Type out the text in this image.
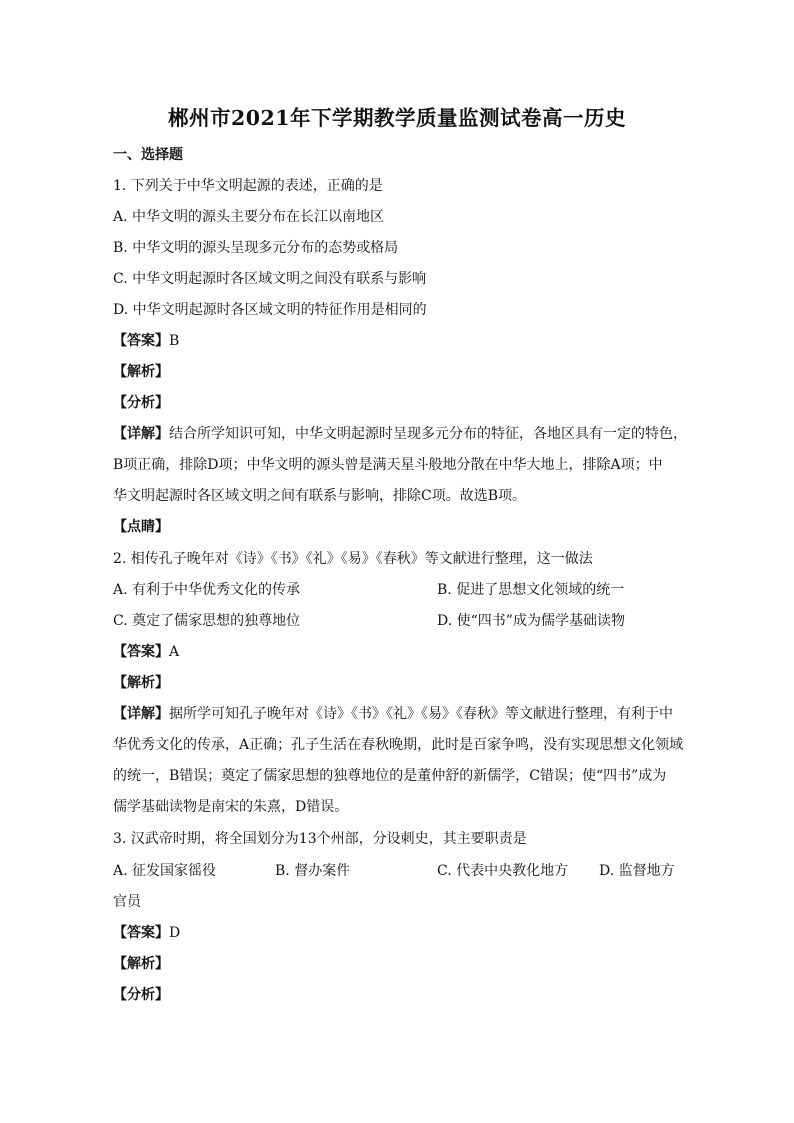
郴州市2021年下学期教学质量监测试卷高一历史
一、选择题
1. 下列关于中华文明起源的表述，正确的是
A. 中华文明的源头主要分布在长江以南地区
B. 中华文明的源头呈现多元分布的态势或格局
C. 中华文明起源时各区域文明之间没有联系与影响
D. 中华文明起源时各区域文明的特征作用是相同的
【答案】B
【解析】
【分析】
【详解】结合所学知识可知，中华文明起源时呈现多元分布的特征，各地区具有一定的特色，
B项正确，排除D项；中华文明的源头曾是满天星斗般地分散在中华大地上，排除A项；中
华文明起源时各区域文明之间有联系与影响，排除C项。故选B项。
【点睛】
2. 相传孔子晚年对《诗》《书》《礼》《易》《春秋》等文献进行整理，这一做法
A. 有利于中华优秀文化的传承	B. 促进了思想文化领域的统一
C. 奠定了儒家思想的独尊地位	D. 使“四书”成为儒学基础读物
【答案】A
【解析】
【详解】据所学可知孔子晚年对《诗》《书》《礼》《易》《春秋》等文献进行整理，有利于中
华优秀文化的传承，A正确；孔子生活在春秋晚期，此时是百家争鸣，没有实现思想文化领域
的统一，B错误；奠定了儒家思想的独尊地位的是董仲舒的新儒学，C错误；使“四书”成为
儒学基础读物是南宋的朱熹，D错误。
3. 汉武帝时期，将全国划分为13个州部，分设刺史，其主要职责是
A. 征发国家徭役	B. 督办案件	C. 代表中央教化地方 D. 监督地方
官员
【答案】D
【解析】
【分析】
